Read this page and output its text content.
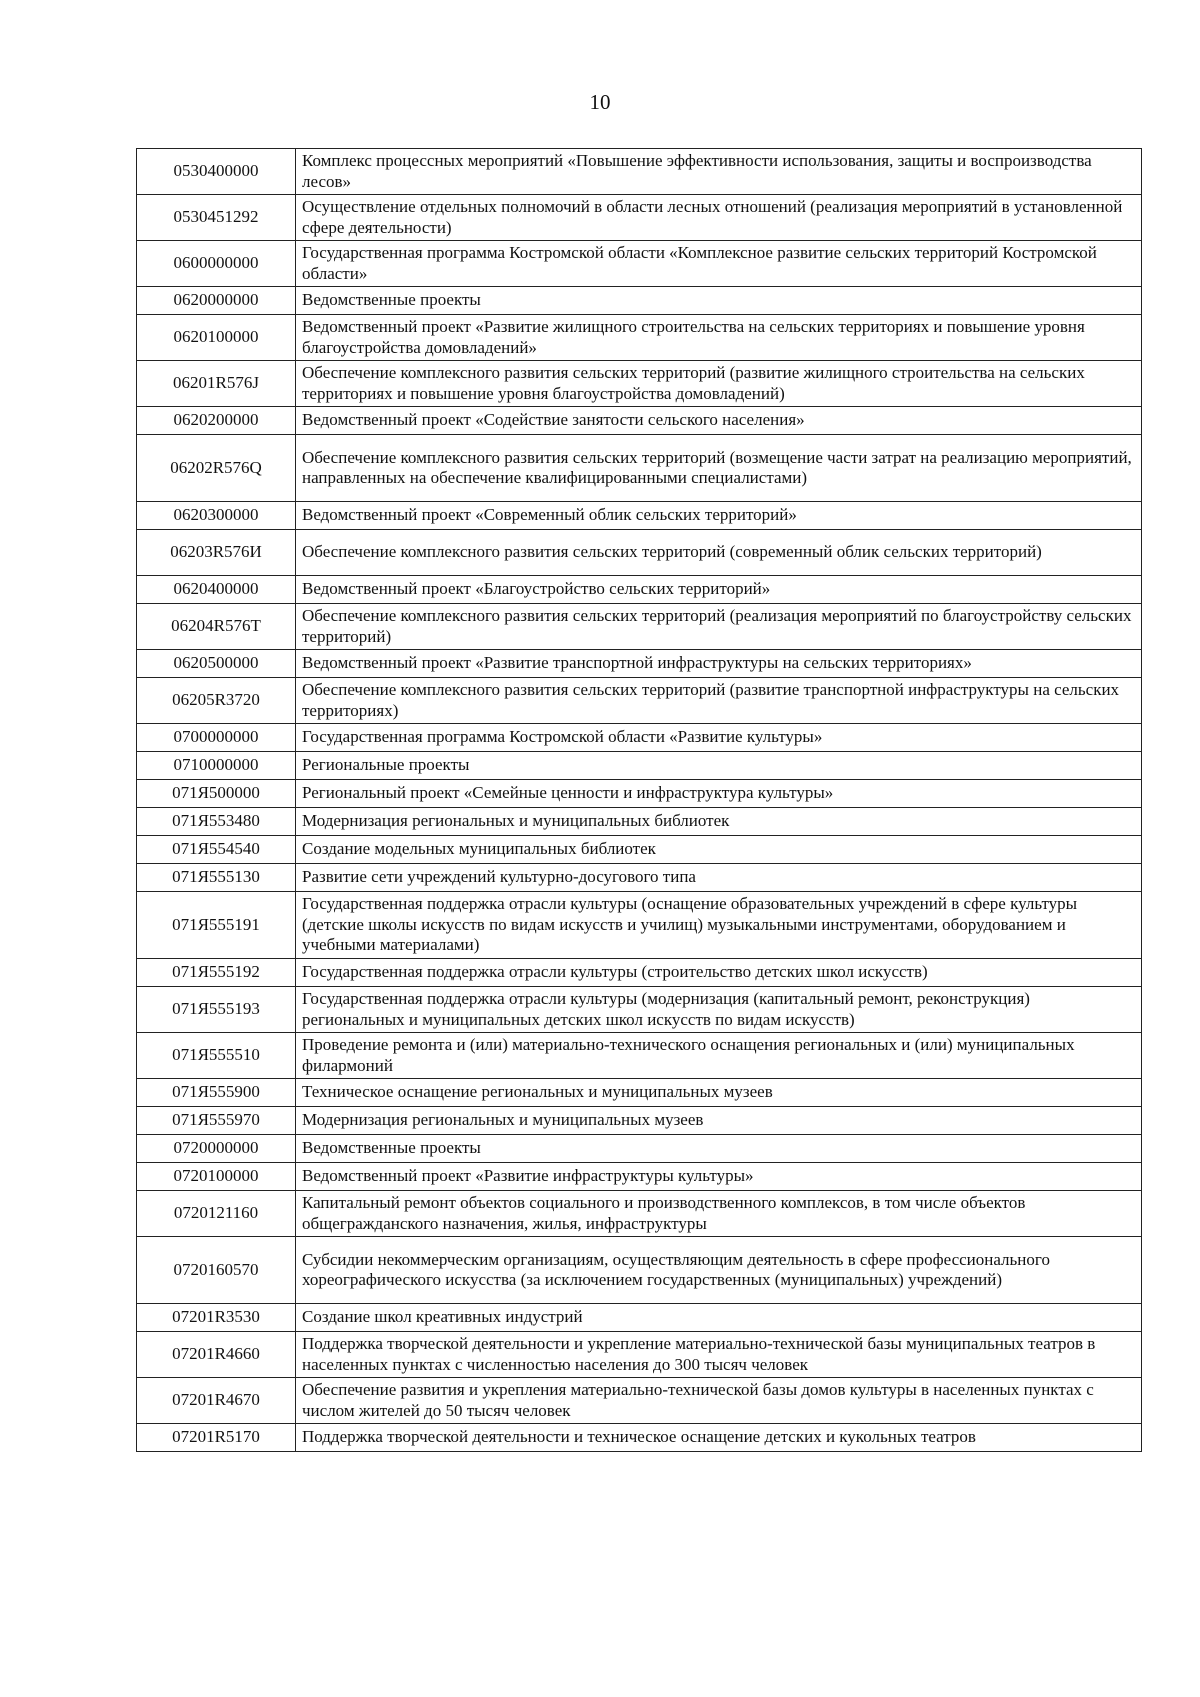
10
0530400000	Комплекс процессных мероприятий «Повышение эффективности использования, защиты и воспроизводства лесов»
0530451292	Осуществление отдельных полномочий в области лесных отношений (реализация мероприятий в установленной сфере деятельности)
0600000000	Государственная программа Костромской области «Комплексное развитие сельских территорий Костромской области»
0620000000	Ведомственные проекты
0620100000	Ведомственный проект «Развитие жилищного строительства на сельских территориях и повышение уровня благоустройства домовладений»
06201R576J	Обеспечение комплексного развития сельских территорий (развитие жилищного строительства на сельских территориях и повышение уровня благоустройства домовладений)
0620200000	Ведомственный проект «Содействие занятости сельского населения»
06202R576Q	Обеспечение комплексного развития сельских территорий (возмещение части затрат на реализацию мероприятий, направленных на обеспечение квалифицированными специалистами)
0620300000	Ведомственный проект «Современный облик сельских территорий»
06203R576И	Обеспечение комплексного развития сельских территорий (современный облик сельских территорий)
0620400000	Ведомственный проект «Благоустройство сельских территорий»
06204R576T	Обеспечение комплексного развития сельских территорий (реализация мероприятий по благоустройству сельских территорий)
0620500000	Ведомственный проект «Развитие транспортной инфраструктуры на сельских территориях»
06205R3720	Обеспечение комплексного развития сельских территорий (развитие транспортной инфраструктуры на сельских территориях)
0700000000	Государственная программа Костромской области «Развитие культуры»
0710000000	Региональные проекты
071Я500000	Региональный проект «Семейные ценности и инфраструктура культуры»
071Я553480	Модернизация региональных и муниципальных библиотек
071Я554540	Создание модельных муниципальных библиотек
071Я555130	Развитие сети учреждений культурно-досугового типа
071Я555191	Государственная поддержка отрасли культуры (оснащение образовательных учреждений в сфере культуры (детские школы искусств по видам искусств и училищ) музыкальными инструментами, оборудованием и учебными материалами)
071Я555192	Государственная поддержка отрасли культуры (строительство детских школ искусств)
071Я555193	Государственная поддержка отрасли культуры (модернизация (капитальный ремонт, реконструкция) региональных и муниципальных детских школ искусств по видам искусств)
071Я555510	Проведение ремонта и (или) материально-технического оснащения региональных и (или) муниципальных филармоний
071Я555900	Техническое оснащение региональных и муниципальных музеев
071Я555970	Модернизация региональных и муниципальных музеев
0720000000	Ведомственные проекты
0720100000	Ведомственный проект «Развитие инфраструктуры культуры»
0720121160	Капитальный ремонт объектов социального и производственного комплексов, в том числе объектов общегражданского назначения, жилья, инфраструктуры
0720160570	Субсидии некоммерческим организациям, осуществляющим деятельность в сфере профессионального хореографического искусства (за исключением государственных (муниципальных) учреждений)
07201R3530	Создание школ креативных индустрий
07201R4660	Поддержка творческой деятельности и укрепление материально-технической базы муниципальных театров в населенных пунктах с численностью населения до 300 тысяч человек
07201R4670	Обеспечение развития и укрепления материально-технической базы домов культуры в населенных пунктах с числом жителей до 50 тысяч человек
07201R5170	Поддержка творческой деятельности и техническое оснащение детских и кукольных театров
